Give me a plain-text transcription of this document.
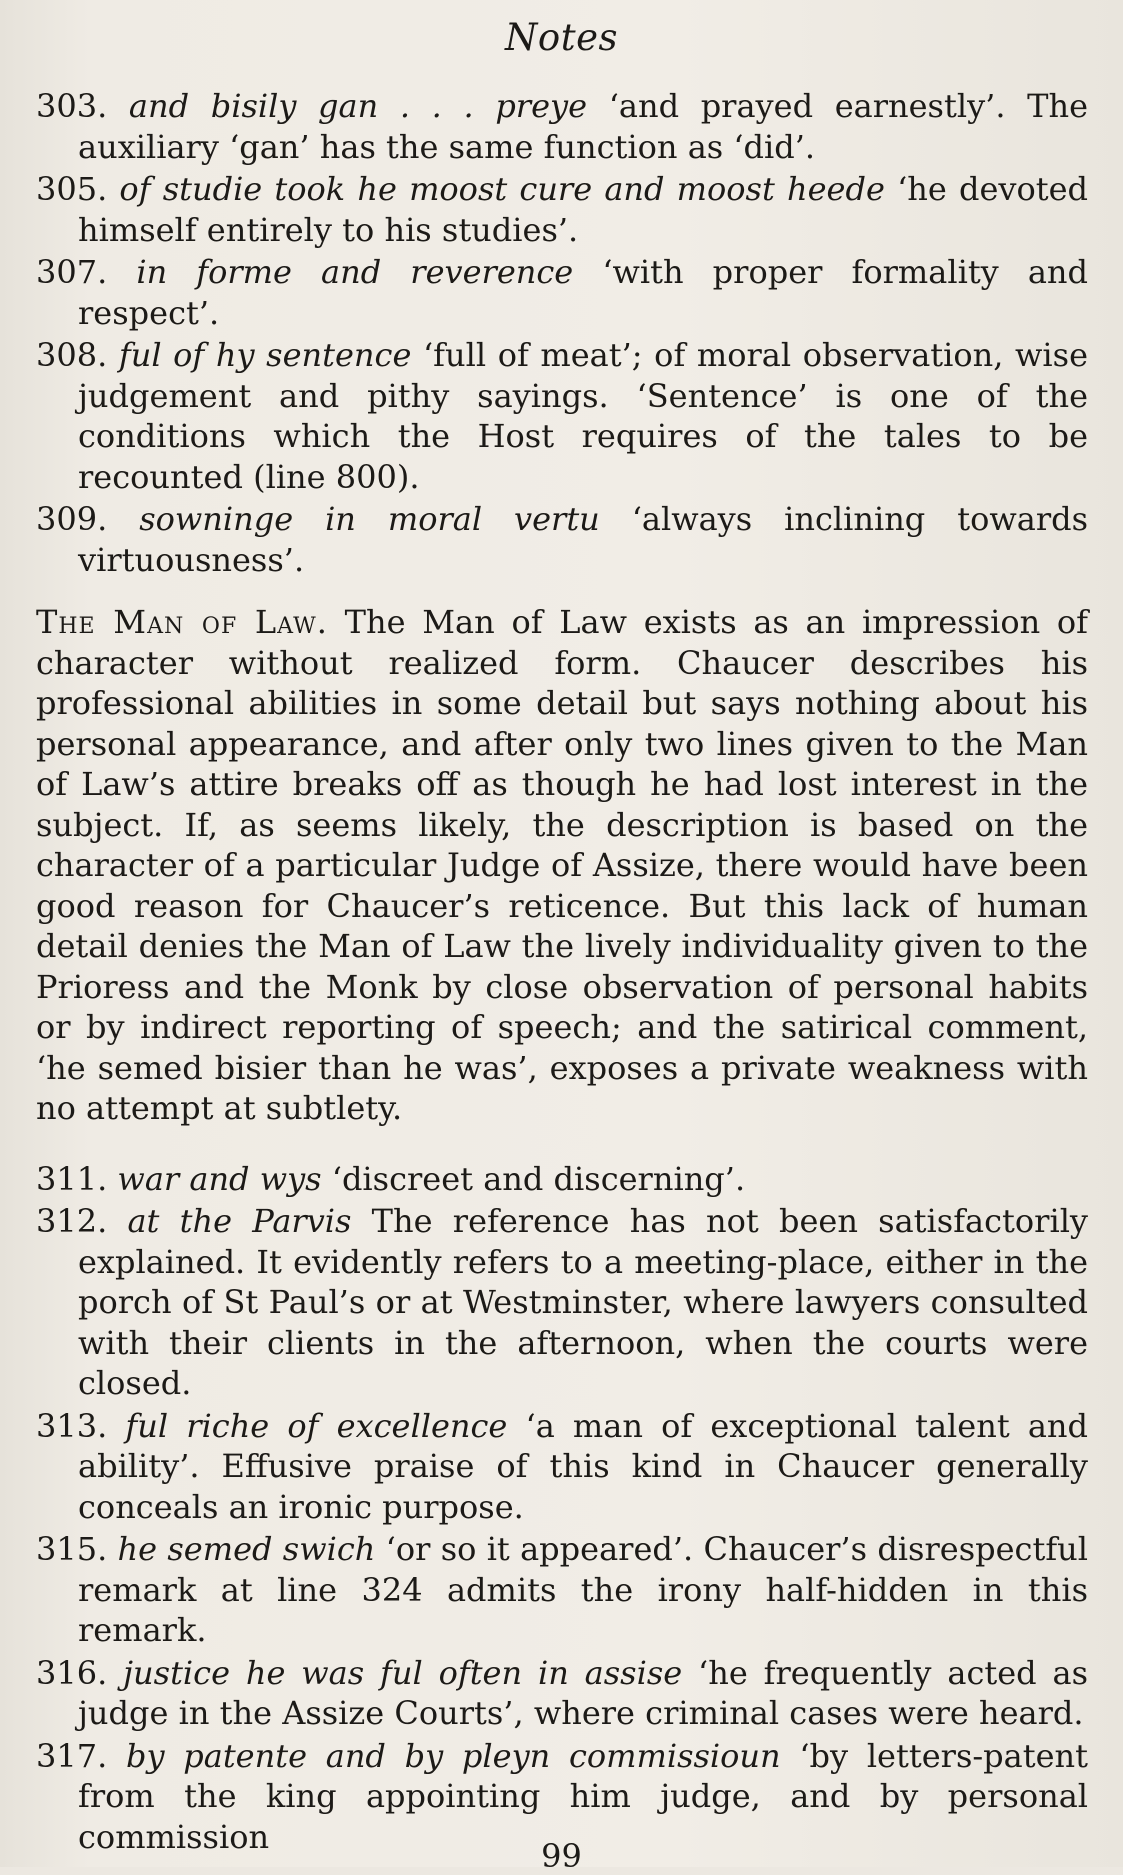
Notes

303. and bisily gan . . . preye ‘and prayed earnestly’. The auxiliary ‘gan’ has the same function as ‘did’.

305. of studie took he moost cure and moost heede ‘he devoted himself entirely to his studies’.

307. in forme and reverence ‘with proper formality and respect’.

308. ful of hy sentence ‘full of meat’; of moral observation, wise judgement and pithy sayings. ‘Sentence’ is one of the conditions which the Host requires of the tales to be recounted (line 800).

309. sowninge in moral vertu ‘always inclining towards virtuousness’.

The Man of Law. The Man of Law exists as an impression of character without realized form. Chaucer describes his professional abilities in some detail but says nothing about his personal appearance, and after only two lines given to the Man of Law’s attire breaks off as though he had lost interest in the subject. If, as seems likely, the description is based on the character of a particular Judge of Assize, there would have been good reason for Chaucer’s reticence. But this lack of human detail denies the Man of Law the lively individuality given to the Prioress and the Monk by close observation of personal habits or by indirect reporting of speech; and the satirical comment, ‘he semed bisier than he was’, exposes a private weakness with no attempt at subtlety.

311. war and wys ‘discreet and discerning’.

312. at the Parvis The reference has not been satisfactorily explained. It evidently refers to a meeting-place, either in the porch of St Paul’s or at Westminster, where lawyers consulted with their clients in the afternoon, when the courts were closed.

313. ful riche of excellence ‘a man of exceptional talent and ability’. Effusive praise of this kind in Chaucer generally conceals an ironic purpose.

315. he semed swich ‘or so it appeared’. Chaucer’s disrespectful remark at line 324 admits the irony half-hidden in this remark.

316. justice he was ful often in assise ‘he frequently acted as judge in the Assize Courts’, where criminal cases were heard.

317. by patente and by pleyn commissioun ‘by letters-patent from the king appointing him judge, and by personal commission

99
